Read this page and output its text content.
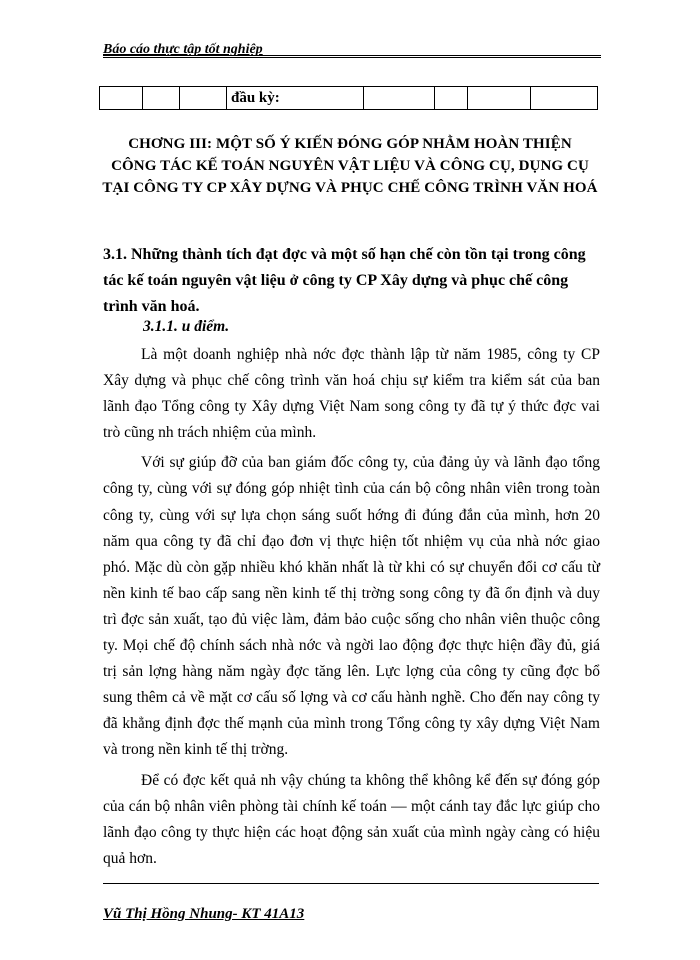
Báo cáo thực tập tốt nghiệp
			đầu kỳ:				
CHƠNG III: MỘT SỐ Ý KIẾN ĐÓNG GÓP NHẰM HOÀN THIỆN
CÔNG TÁC KẾ TOÁN NGUYÊN VẬT LIỆU VÀ CÔNG CỤ, DỤNG CỤ
TẠI CÔNG TY CP XÂY DỰNG VÀ PHỤC CHẾ CÔNG TRÌNH VĂN HOÁ
3.1. Những thành tích đạt đợc và một số hạn chế còn tồn tại trong công tác kế toán nguyên vật liệu ở công ty CP Xây dựng và phục chế công trình văn hoá.
3.1.1. u điểm.

Là một doanh nghiệp nhà nớc đợc thành lập từ năm 1985, công ty CP Xây dựng và phục chế công trình văn hoá chịu sự kiểm tra kiểm sát của ban lãnh đạo Tổng công ty Xây dựng Việt Nam song công ty đã tự ý thức đợc vai trò cũng nh trách nhiệm của mình.

Với sự giúp đỡ của ban giám đốc công ty, của đảng ủy và lãnh đạo tổng công ty, cùng với sự đóng góp nhiệt tình của cán bộ công nhân viên trong toàn công ty, cùng với sự lựa chọn sáng suốt hớng đi đúng đắn của mình, hơn 20 năm qua công ty đã chỉ đạo đơn vị thực hiện tốt nhiệm vụ của nhà nớc giao phó. Mặc dù còn gặp nhiều khó khăn nhất là từ khi có sự chuyển đổi cơ cấu từ nền kinh tế bao cấp sang nền kinh tế thị trờng song công ty đã ổn định và duy trì đợc sản xuất, tạo đủ việc làm, đảm bảo cuộc sống cho nhân viên thuộc công ty. Mọi chế độ chính sách nhà nớc và ngời lao động đợc thực hiện đầy đủ, giá trị sản lợng hàng năm ngày đợc tăng lên. Lực lợng của công ty cũng đợc bổ sung thêm cả về mặt cơ cấu số lợng và cơ cấu hành nghề. Cho đến nay công ty đã khẳng định đợc thế mạnh của mình trong Tổng công ty xây dựng Việt Nam và trong nền kinh tế thị trờng.

Để có đợc kết quả nh vậy chúng ta không thể không kể đến sự đóng góp của cán bộ nhân viên phòng tài chính kế toán — một cánh tay đắc lực giúp cho lãnh đạo công ty thực hiện các hoạt động sản xuất của mình ngày càng có hiệu quả hơn.

Vũ Thị Hồng Nhung- KT 41A13
